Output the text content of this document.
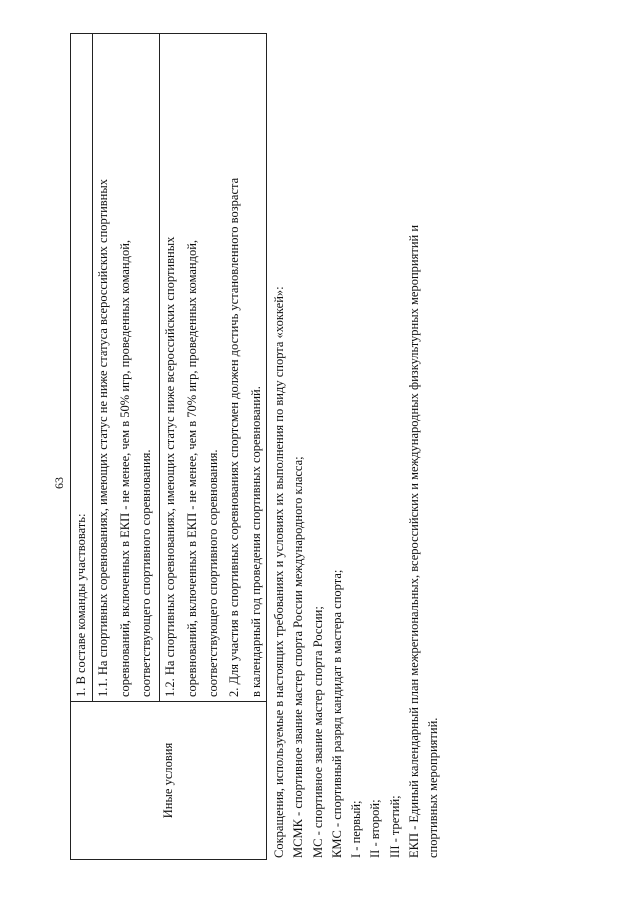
63
Иные условия
1. В составе команды участвовать: 1.1. На спортивных соревнованиях, имеющих статус не ниже статуса всероссийских спортивных соревнований, включенных в ЕКП - не менее, чем в 50% игр, проведенных командой, соответствующего спортивного соревнования. 1.2. На спортивных соревнованиях, имеющих статус ниже всероссийских спортивных соревнований, включенных в ЕКП - не менее, чем в 70% игр, проведенных командой, соответствующего спортивного соревнования. 2. Для участия в спортивных соревнованиях спортсмен должен достичь установленного возраста в календарный год проведения спортивных соревнований. Сокращения, используемые в настоящих требованиях и условиях их выполнения по виду спорта «хоккей»: МСМК - спортивное звание мастер спорта России международного класса; МС - спортивное звание мастер спорта России; КМС - спортивный разряд кандидат в мастера спорта; I - первый; II - второй; III - третий; ЕКП - Единый календарный план межрегиональных, всероссийских и международных физкультурных мероприятий и спортивных мероприятий.
